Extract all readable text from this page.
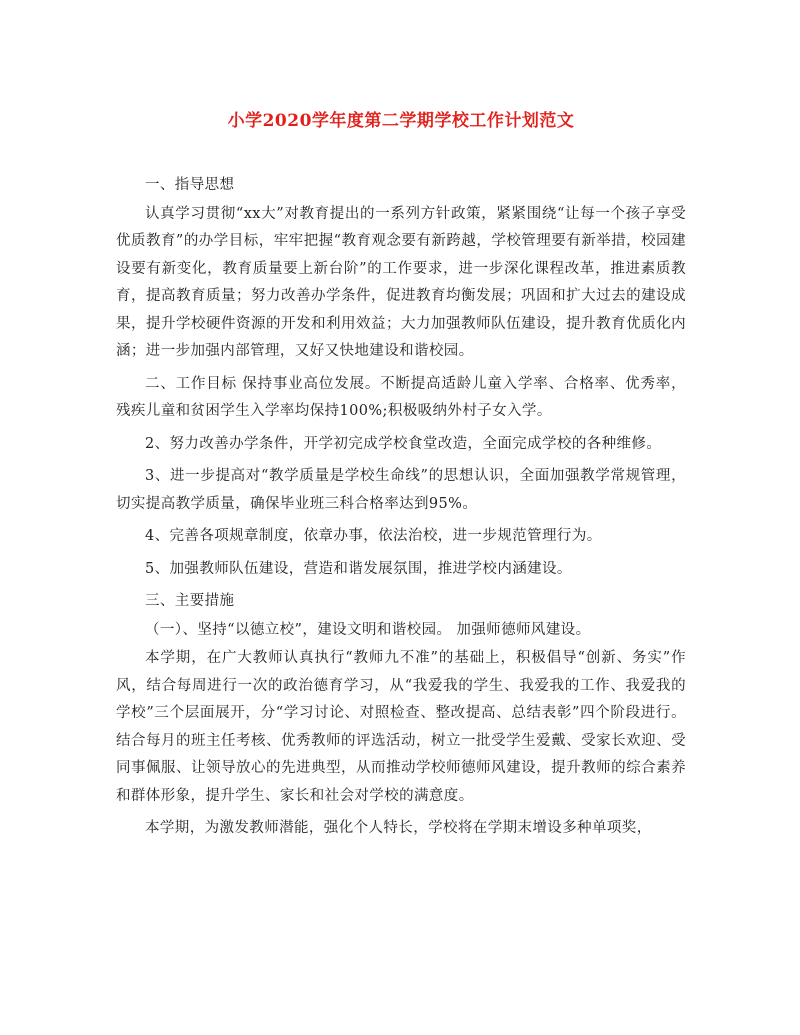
小学2020学年度第二学期学校工作计划范文
一、指导思想
认真学习贯彻“xx大”对教育提出的一系列方针政策，紧紧围绕“让每一个孩子享受优质教育”的办学目标，牢牢把握“教育观念要有新跨越，学校管理要有新举措，校园建设要有新变化，教育质量要上新台阶”的工作要求，进一步深化课程改革，推进素质教育，提高教育质量；努力改善办学条件，促进教育均衡发展；巩固和扩大过去的建设成果，提升学校硬件资源的开发和利用效益；大力加强教师队伍建设，提升教育优质化内涵；进一步加强内部管理，又好又快地建设和谐校园。
二、工作目标 保持事业高位发展。不断提高适龄儿童入学率、合格率、优秀率，残疾儿童和贫困学生入学率均保持100%;积极吸纳外村子女入学。
2、努力改善办学条件，开学初完成学校食堂改造，全面完成学校的各种维修。
3、进一步提高对“教学质量是学校生命线”的思想认识，全面加强教学常规管理，切实提高教学质量，确保毕业班三科合格率达到95%。
4、完善各项规章制度，依章办事，依法治校，进一步规范管理行为。
5、加强教师队伍建设，营造和谐发展氛围，推进学校内涵建设。
三、主要措施
（一）、坚持“以德立校”，建设文明和谐校园。 加强师德师风建设。
本学期，在广大教师认真执行“教师九不准”的基础上，积极倡导“创新、务实”作风，结合每周进行一次的政治德育学习，从“我爱我的学生、我爱我的工作、我爱我的学校”三个层面展开，分“学习讨论、对照检查、整改提高、总结表彰”四个阶段进行。结合每月的班主任考核、优秀教师的评选活动，树立一批受学生爱戴、受家长欢迎、受同事佩服、让领导放心的先进典型，从而推动学校师德师风建设，提升教师的综合素养和群体形象，提升学生、家长和社会对学校的满意度。
本学期，为激发教师潜能，强化个人特长，学校将在学期末增设多种单项奖，
